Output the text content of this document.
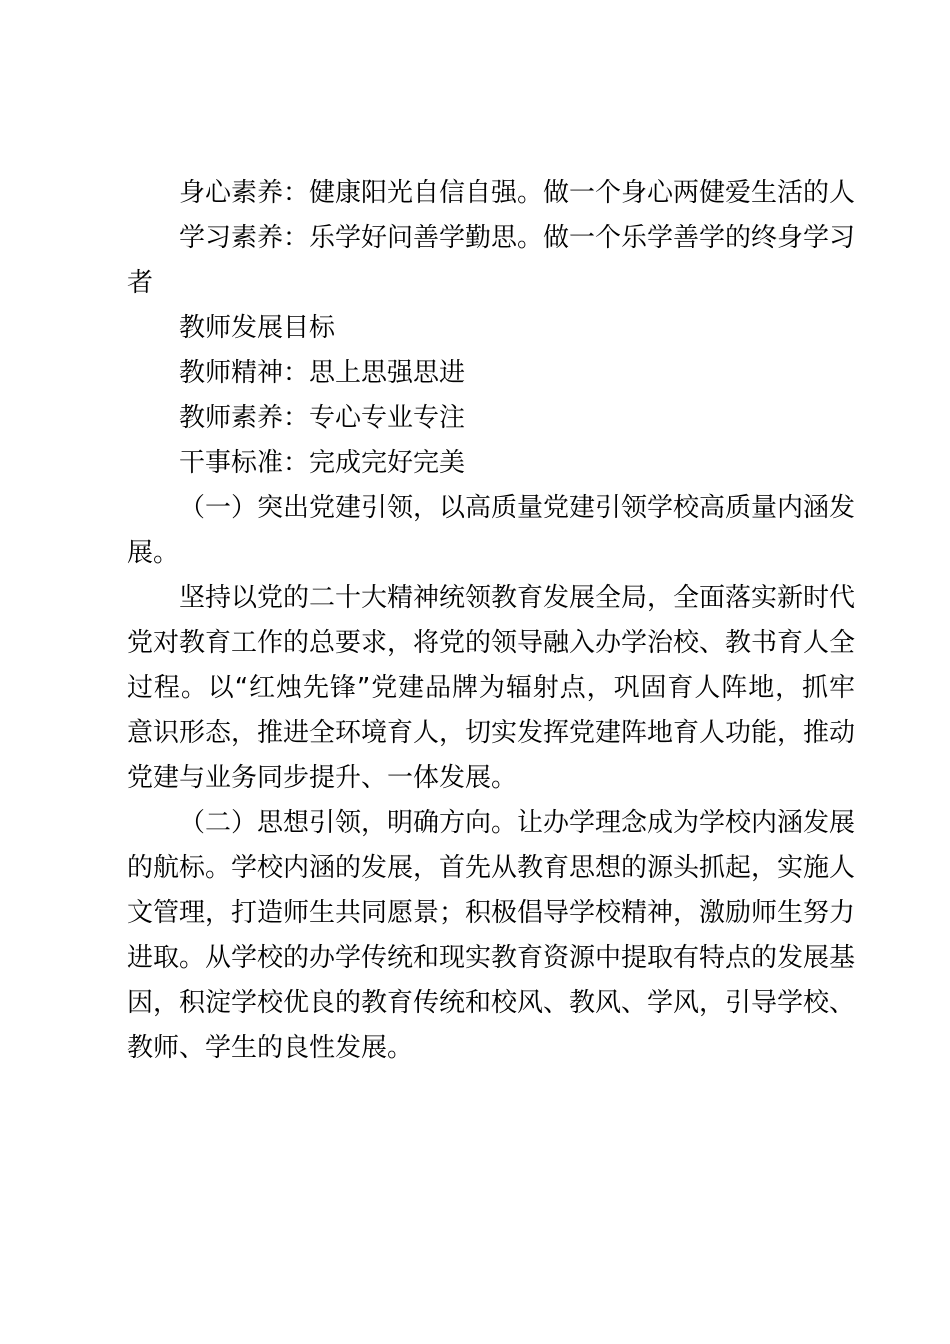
身心素养：健康阳光自信自强。做一个身心两健爱生活的人

学习素养：乐学好问善学勤思。做一个乐学善学的终身学习者

教师发展目标

教师精神：思上思强思进

教师素养：专心专业专注

干事标准：完成完好完美

（一）突出党建引领，以高质量党建引领学校高质量内涵发展。

坚持以党的二十大精神统领教育发展全局，全面落实新时代党对教育工作的总要求，将党的领导融入办学治校、教书育人全过程。以“红烛先锋”党建品牌为辐射点，巩固育人阵地，抓牢意识形态，推进全环境育人，切实发挥党建阵地育人功能，推动党建与业务同步提升、一体发展。

（二）思想引领，明确方向。让办学理念成为学校内涵发展的航标。学校内涵的发展，首先从教育思想的源头抓起，实施人文管理，打造师生共同愿景；积极倡导学校精神，激励师生努力进取。从学校的办学传统和现实教育资源中提取有特点的发展基因，积淀学校优良的教育传统和校风、教风、学风，引导学校、教师、学生的良性发展。
